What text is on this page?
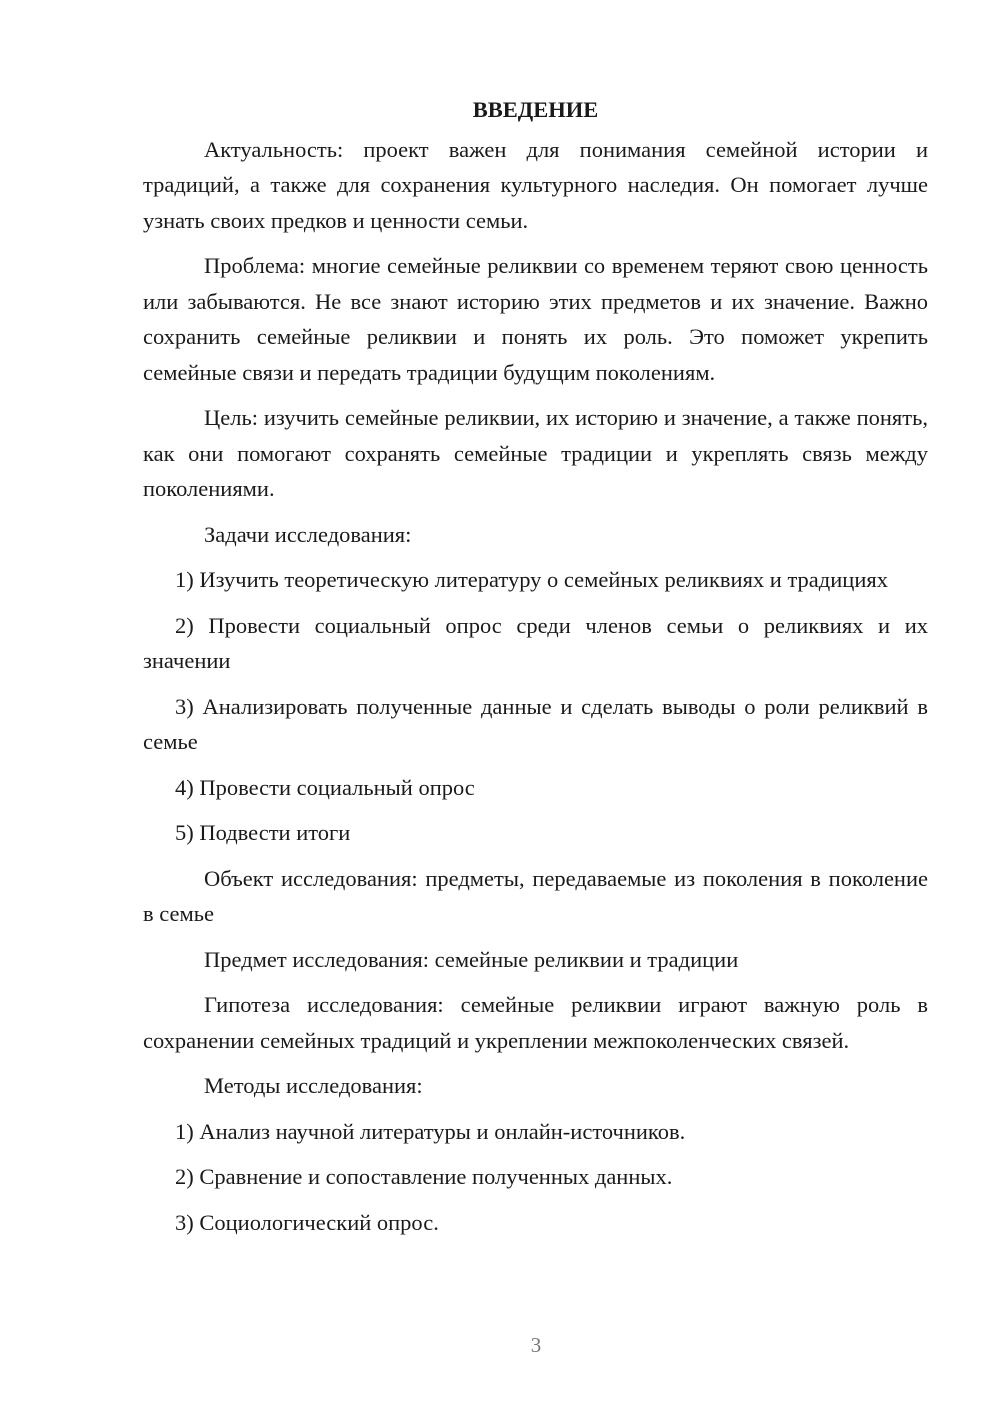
ВВЕДЕНИЕ

Актуальность: проект важен для понимания семейной истории и традиций, а также для сохранения культурного наследия. Он помогает лучше узнать своих предков и ценности семьи.

Проблема: многие семейные реликвии со временем теряют свою ценность или забываются. Не все знают историю этих предметов и их значение. Важно сохранить семейные реликвии и понять их роль. Это поможет укрепить семейные связи и передать традиции будущим поколениям.

Цель: изучить семейные реликвии, их историю и значение, а также понять, как они помогают сохранять семейные традиции и укреплять связь между поколениями.

Задачи исследования:

1) Изучить теоретическую литературу о семейных реликвиях и традициях

2) Провести социальный опрос среди членов семьи о реликвиях и их значении

3) Анализировать полученные данные и сделать выводы о роли реликвий в семье

4) Провести социальный опрос

5) Подвести итоги

Объект исследования: предметы, передаваемые из поколения в поколение в семье

Предмет исследования: семейные реликвии и традиции

Гипотеза исследования: семейные реликвии играют важную роль в сохранении семейных традиций и укреплении межпоколенческих связей.

Методы исследования:

1) Анализ научной литературы и онлайн-источников.

2) Сравнение и сопоставление полученных данных.

3) Социологический опрос.

3
